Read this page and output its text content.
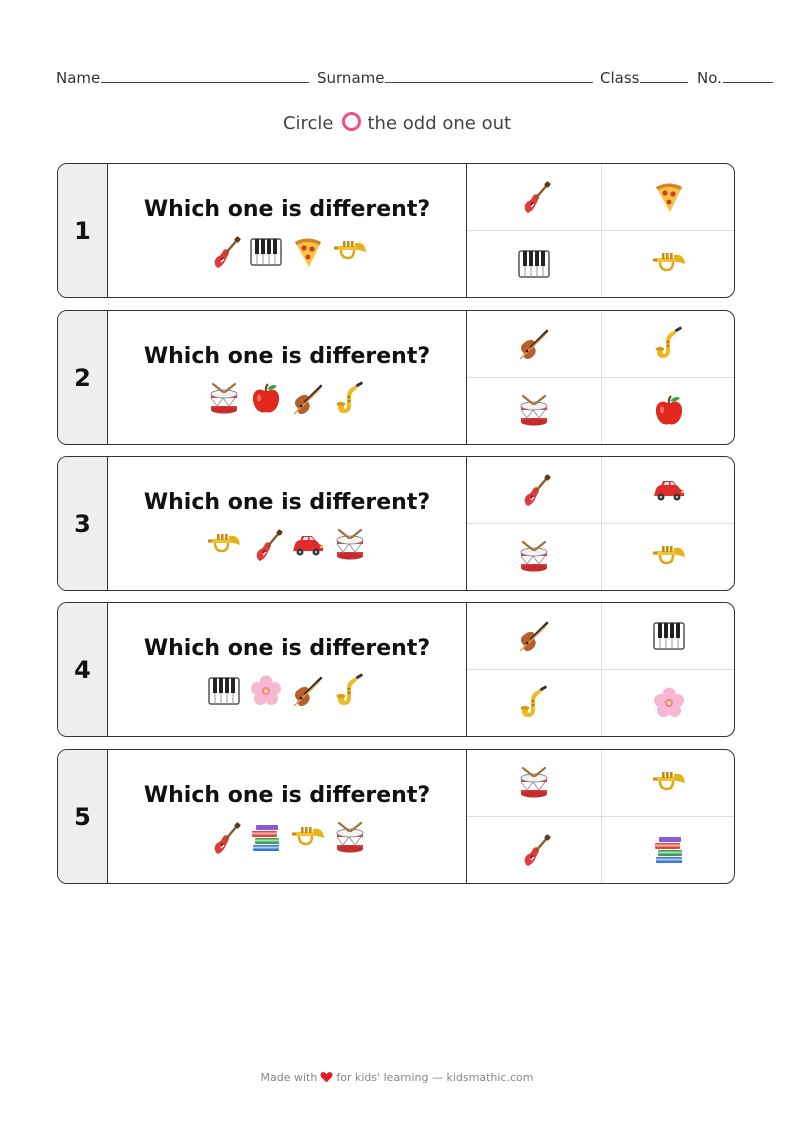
Name	Surname	Class	No.
Circle the odd one out
1
Which one is different?
2
Which one is different?
3
Which one is different?
4
Which one is different?
5
Which one is different?
Made with for kids' learning — kidsmathic.com
